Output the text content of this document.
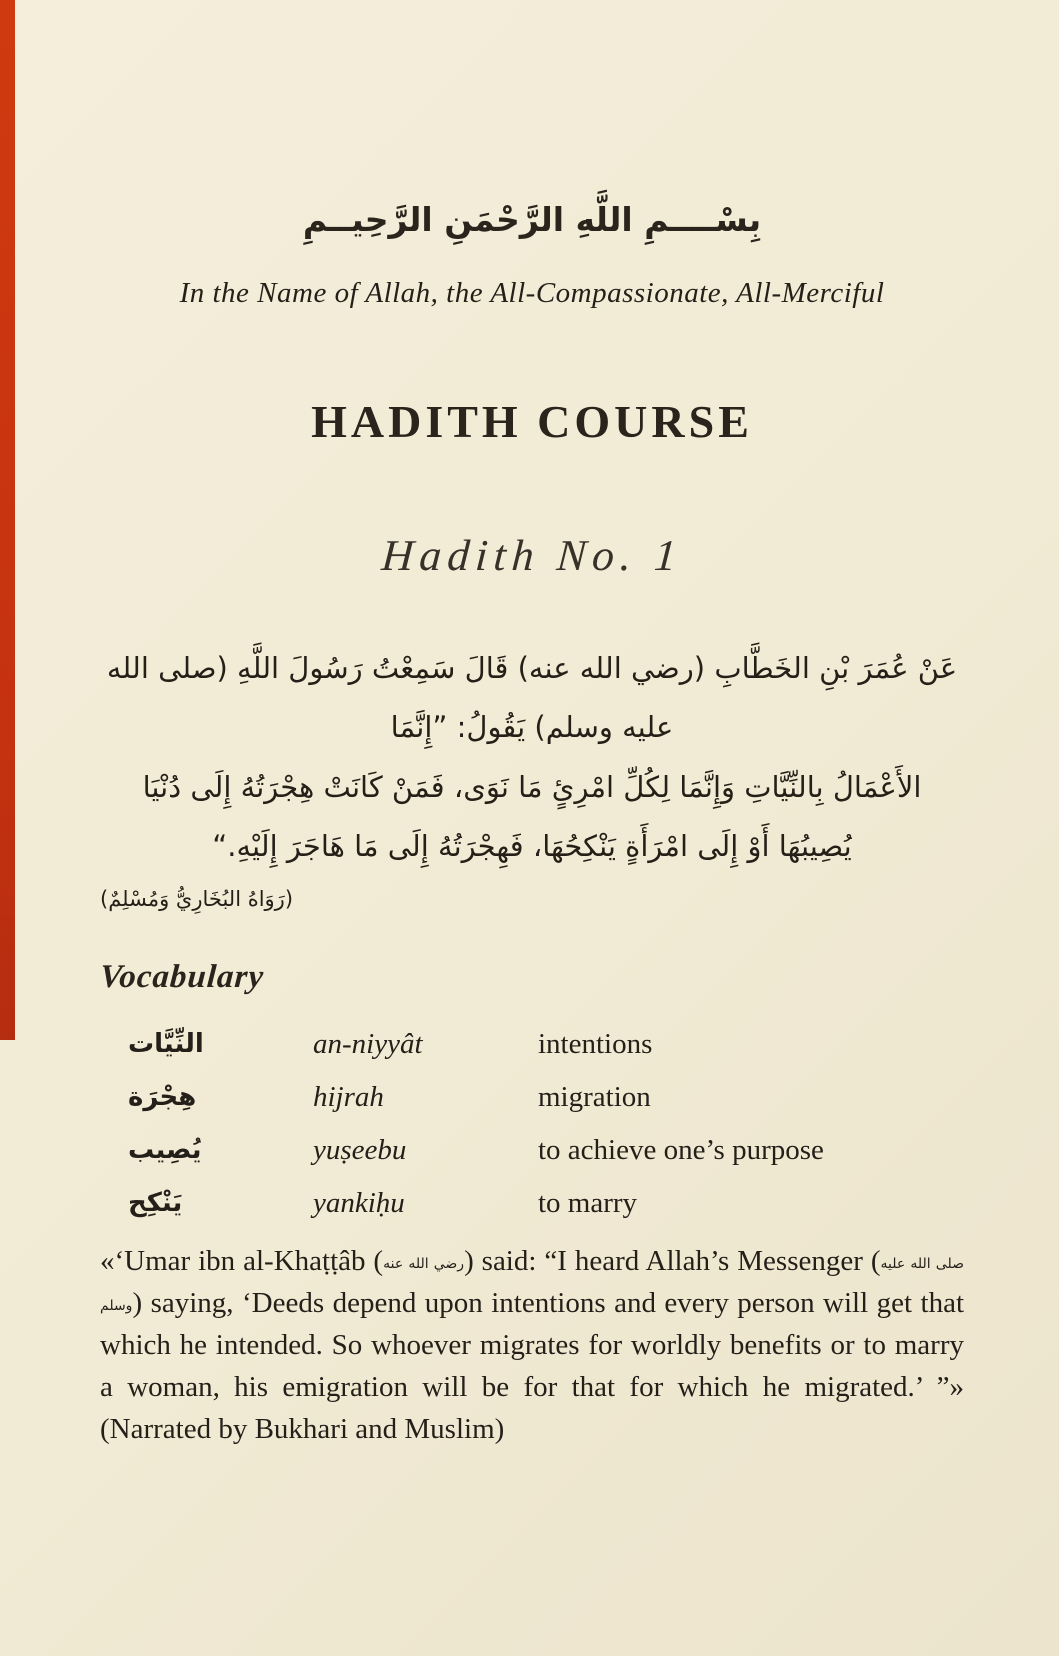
بِسْــــمِ اللَّهِ الرَّحْمَنِ الرَّحِيــمِ
In the Name of Allah, the All-Compassionate, All-Merciful
HADITH COURSE
Hadith No. 1
عَنْ عُمَرَ بْنِ الخَطَّابِ (رضي الله عنه) قَالَ سَمِعْتُ رَسُولَ اللَّهِ (صلى الله عليه وسلم) يَقُولُ: ”إِنَّمَا
الأَعْمَالُ بِالنِّيَّاتِ وَإِنَّمَا لِكُلِّ امْرِئٍ مَا نَوَى، فَمَنْ كَانَتْ هِجْرَتُهُ إِلَى دُنْيَا
يُصِيبُهَا أَوْ إِلَى امْرَأَةٍ يَنْكِحُهَا، فَهِجْرَتُهُ إِلَى مَا هَاجَرَ إِلَيْهِ.“
(رَوَاهُ البُخَارِيُّ وَمُسْلِمٌ)
Vocabulary
النِّيَّات	an-niyyât	intentions
هِجْرَة	hijrah	migration
يُصِيب	yuṣeebu	to achieve one’s purpose
يَنْكِح	yankiḥu	to marry

«‘Umar ibn al-Khaṭṭâb (رضي الله عنه) said: “I heard Allah’s Messenger (صلى الله عليه وسلم) saying, ‘Deeds depend upon intentions and every person will get that which he intended. So whoever migrates for worldly benefits or to marry a woman, his emigration will be for that for which he migrated.’ ”» (Narrated by Bukhari and Muslim)
